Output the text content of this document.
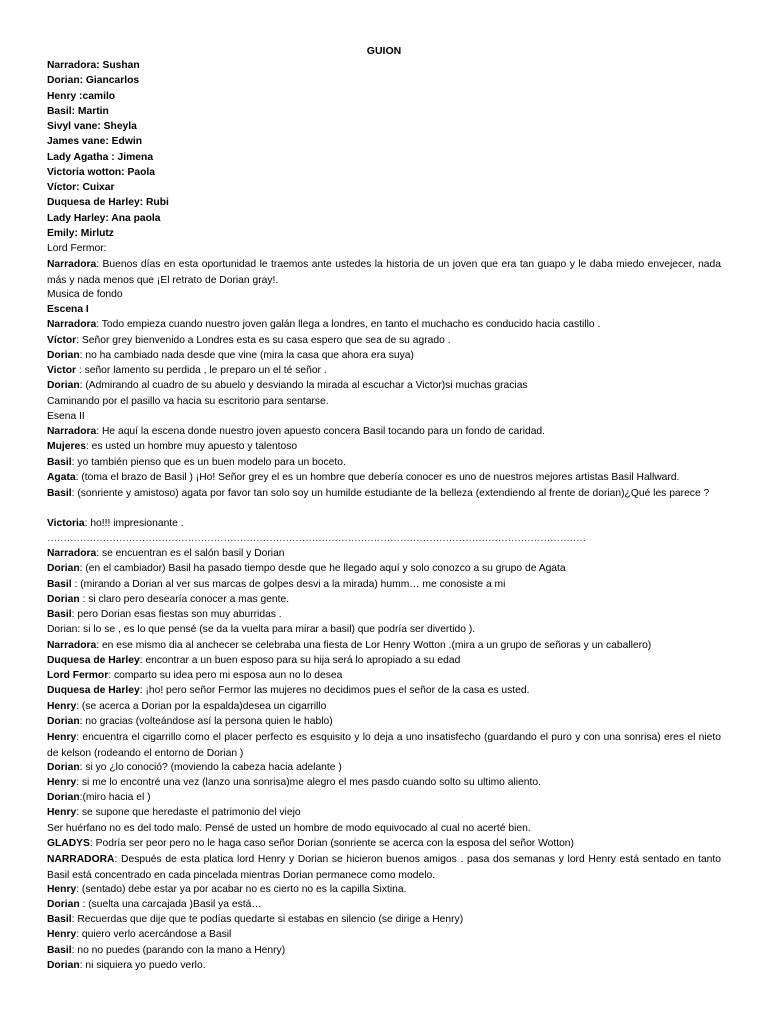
GUION
Narradora: Sushan
Dorian: Giancarlos
Henry :camilo
Basil: Martin
Sivyl vane: Sheyla
James vane: Edwin
Lady Agatha : Jimena
Victoria wotton: Paola
Víctor: Cuixar
Duquesa de Harley: Rubi
Lady Harley: Ana paola
Emily: Mirlutz
Lord Fermor:
Narradora: Buenos días en esta oportunidad le traemos ante ustedes la historia de un joven que era tan guapo y le daba miedo envejecer, nada más y nada menos que ¡El retrato de Dorian gray!.
Musica de fondo
Escena I
Narradora: Todo empieza cuando nuestro joven galán llega a londres, en tanto el muchacho es conducido hacia castillo .
Víctor: Señor grey bienvenido a Londres esta es su casa espero que sea de su agrado .
Dorian: no ha cambiado nada desde que vine (mira la casa que ahora era suya)
Victor : señor lamento su perdida , le preparo un el té señor .
Dorian: (Admirando al cuadro de su abuelo y desviando la mirada al escuchar a Victor)si muchas gracias
Caminando por el pasillo va hacia su escritorio para sentarse.
Esena II
Narradora: He aquí la escena donde nuestro joven apuesto concera Basil tocando para un fondo de caridad.
Mujeres: es usted un hombre muy apuesto y talentoso
Basil: yo también pienso que es un buen modelo para un boceto.
Agata: (toma el brazo de Basil ) ¡Ho! Señor grey el es un hombre que debería conocer es uno de nuestros mejores artistas Basil Hallward.
Basil: (sonriente y amistoso) agata por favor tan solo soy un humilde estudiante de la belleza (extendiendo al frente de dorian)¿Qué les parece ?
Victoria: ho!!! impresionante .
…………………………………………………………………………………………………………………………………………………
Narradora: se encuentran es el salón basil y Dorian
Dorian: (en el cambiador) Basil ha pasado tiempo desde que he llegado aquí y solo conozco a su grupo de Agata
Basil : (mirando a Dorian al ver sus marcas de golpes desvi a la mirada) humm… me conosiste a mi
Dorian : si claro pero desearía conocer a mas gente.
Basil: pero Dorian esas fiestas son muy aburridas .
Dorian: si lo se , es lo que pensé (se da la vuelta para mirar a basil) que podría ser divertido ).
Narradora: en ese mismo dia al anchecer se celebraba una fiesta de Lor Henry Wotton .(mira a un grupo de señoras y un caballero)
Duquesa de Harley: encontrar a un buen esposo para su hija será lo apropiado a su edad
Lord Fermor: comparto su idea pero mi esposa aun no lo desea
Duquesa de Harley: ¡ho! pero señor Fermor las mujeres no decidimos pues el señor de la casa es usted.
Henry: (se acerca a Dorian por la espalda)desea un cigarrillo
Dorian: no gracias (volteándose así la persona quien le hablo)
Henry: encuentra el cigarrillo como el placer perfecto es esquisito y lo deja a uno insatisfecho (guardando el puro y con una sonrisa) eres el nieto de kelson (rodeando el entorno de Dorian )
Dorian: si yo ¿lo conoció? (moviendo la cabeza hacia adelante )
Henry: si me lo encontré una vez (lanzo una sonrisa)me alegro el mes pasdo cuando solto su ultimo aliento.
Dorian:(miro hacia el )
Henry: se supone que heredaste el patrimonio del viejo
Ser huérfano no es del todo malo. Pensé de usted un hombre de modo equivocado al cual no acerté bien.
GLADYS: Podría ser peor pero no le haga caso señor Dorian (sonriente se acerca con la esposa del señor Wotton)
NARRADORA: Después de esta platica lord Henry y Dorian se hicieron buenos amigos . pasa dos semanas y lord Henry está sentado en tanto Basil está concentrado en cada pincelada mientras Dorian permanece como modelo.
Henry: (sentado) debe estar ya por acabar no es cierto no es la capilla Sixtina.
Dorian : (suelta una carcajada )Basil ya está…
Basil: Recuerdas que dije que te podías quedarte si estabas en silencio (se dirige a Henry)
Henry: quiero verlo acercándose a Basil
Basil: no no puedes (parando con la mano a Henry)
Dorian: ni siquiera yo puedo verlo.
